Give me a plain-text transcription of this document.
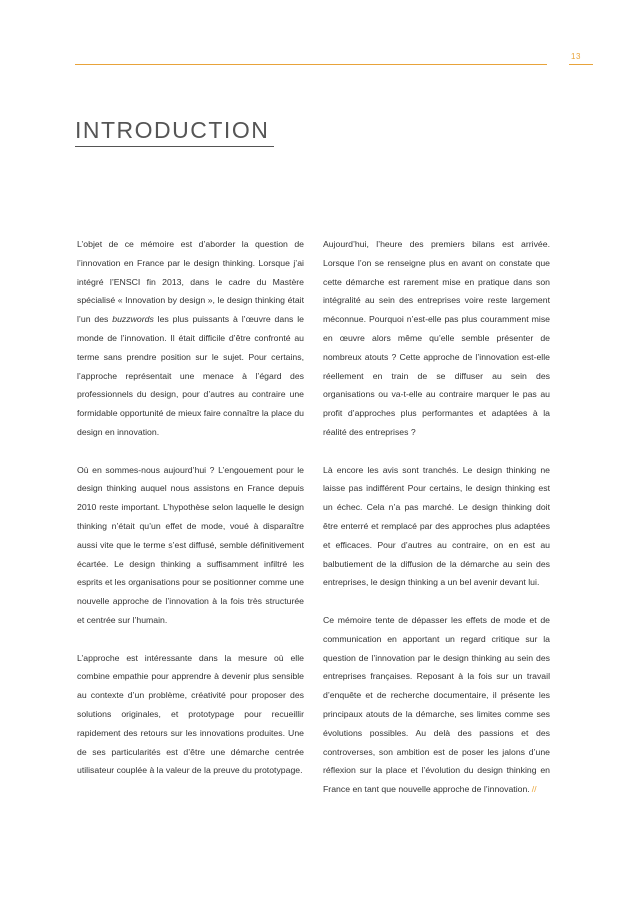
13
INTRODUCTION

L’objet de ce mémoire est d’aborder la question de l’innovation en France par le design thinking. Lorsque j’ai intégré l’ENSCI fin 2013, dans le cadre du Mastère spécialisé « Innovation by design », le design thinking était l’un des buzzwords les plus puissants à l’œuvre dans le monde de l’innovation. Il était difficile d’être confronté au terme sans prendre position sur le sujet. Pour certains, l’approche représentait une menace à l’égard des professionnels du design, pour d’autres au contraire une formidable opportunité de mieux faire connaître la place du design en innovation.

Où en sommes-nous aujourd’hui ? L’engouement pour le design thinking auquel nous assistons en France depuis 2010 reste important. L’hypothèse selon laquelle le design thinking n’était qu’un effet de mode, voué à disparaître aussi vite que le terme s’est diffusé, semble définitivement écartée. Le design thinking a suffisamment infiltré les esprits et les organisations pour se positionner comme une nouvelle approche de l’innovation à la fois très structurée et centrée sur l’humain.

L’approche est intéressante dans la mesure où elle combine empathie pour apprendre à devenir plus sensible au contexte d’un problème, créativité pour proposer des solutions originales, et prototypage pour recueillir rapidement des retours sur les innovations produites. Une de ses particularités est d’être une démarche centrée utilisateur couplée à la valeur de la preuve du prototypage.

Aujourd’hui, l’heure des premiers bilans est arrivée. Lorsque l’on se renseigne plus en avant on constate que cette démarche est rarement mise en pratique dans son intégralité au sein des entreprises voire reste largement méconnue. Pourquoi n’est-elle pas plus couramment mise en œuvre alors même qu’elle semble présenter de nombreux atouts ? Cette approche de l’innovation est-elle réellement en train de se diffuser au sein des organisations ou va-t-elle au contraire marquer le pas au profit d’approches plus performantes et adaptées à la réalité des entreprises ?

Là encore les avis sont tranchés. Le design thinking ne laisse pas indifférent Pour certains, le design thinking est un échec. Cela n’a pas marché. Le design thinking doit être enterré et remplacé par des approches plus adaptées et efficaces. Pour d’autres au contraire, on en est au balbutiement de la diffusion de la démarche au sein des entreprises, le design thinking a un bel avenir devant lui.

Ce mémoire tente de dépasser les effets de mode et de communication en apportant un regard critique sur la question de l’innovation par le design thinking au sein des entreprises françaises. Reposant à la fois sur un travail d’enquête et de recherche documentaire, il présente les principaux atouts de la démarche, ses limites comme ses évolutions possibles. Au delà des passions et des controverses, son ambition est de poser les jalons d’une réflexion sur la place et l’évolution du design thinking en France en tant que nouvelle approche de l’innovation. //
